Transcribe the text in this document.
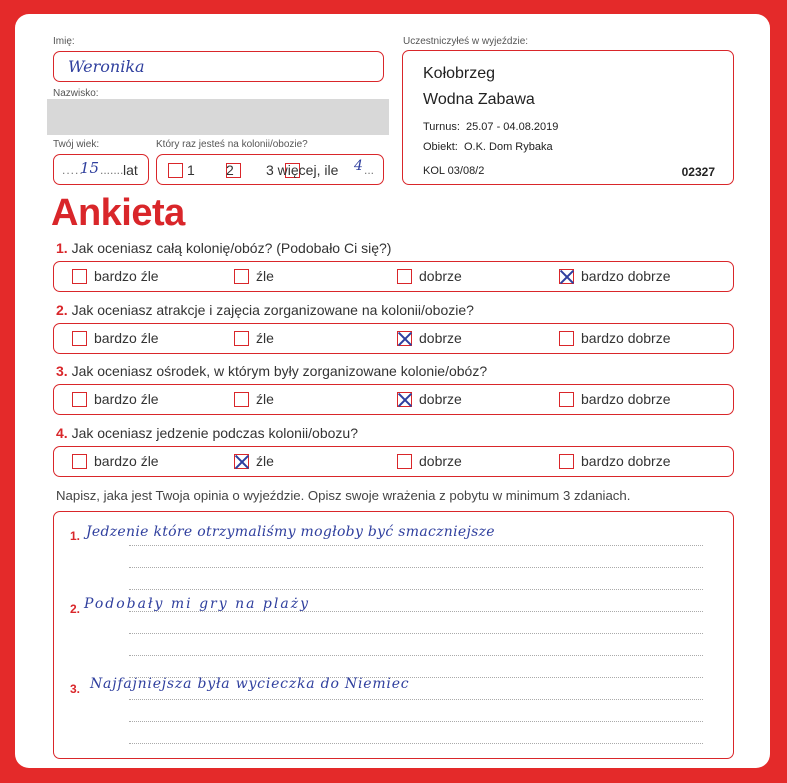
Imię:
Weronika
Nazwisko:
Twój wiek:
.....
15 ....... lat
Który raz jesteś na kolonii/obozie?

1
2 3 więcej, ile 4 ...
Uczestniczyłeś w wyjeździe:
Kołobrzeg
Wodna Zabawa
Turnus:  25.07 - 04.08.2019
Obiekt:  O.K. Dom Rybaka
KOL 03/08/2	02327
Ankieta
1. Jak oceniasz całą kolonię/obóz? (Podobało Ci się?)
bardzo źle	źle	dobrze	bardzo dobrze
2. Jak oceniasz atrakcje i zajęcia zorganizowane na kolonii/obozie?
bardzo źle	źle	dobrze	bardzo dobrze
3. Jak oceniasz ośrodek, w którym były zorganizowane kolonie/obóz?
bardzo źle	źle	dobrze	bardzo dobrze
4. Jak oceniasz jedzenie podczas kolonii/obozu?
bardzo źle	źle	dobrze	bardzo dobrze
Napisz, jaka jest Twoja opinia o wyjeździe. Opisz swoje wrażenia z pobytu w minimum 3 zdaniach.
1. Jedzenie które otrzymaliśmy mogłoby być smaczniejsze
2. Podobały mi gry na plaży
3. Najfajniejsza była wycieczka do Niemiec
